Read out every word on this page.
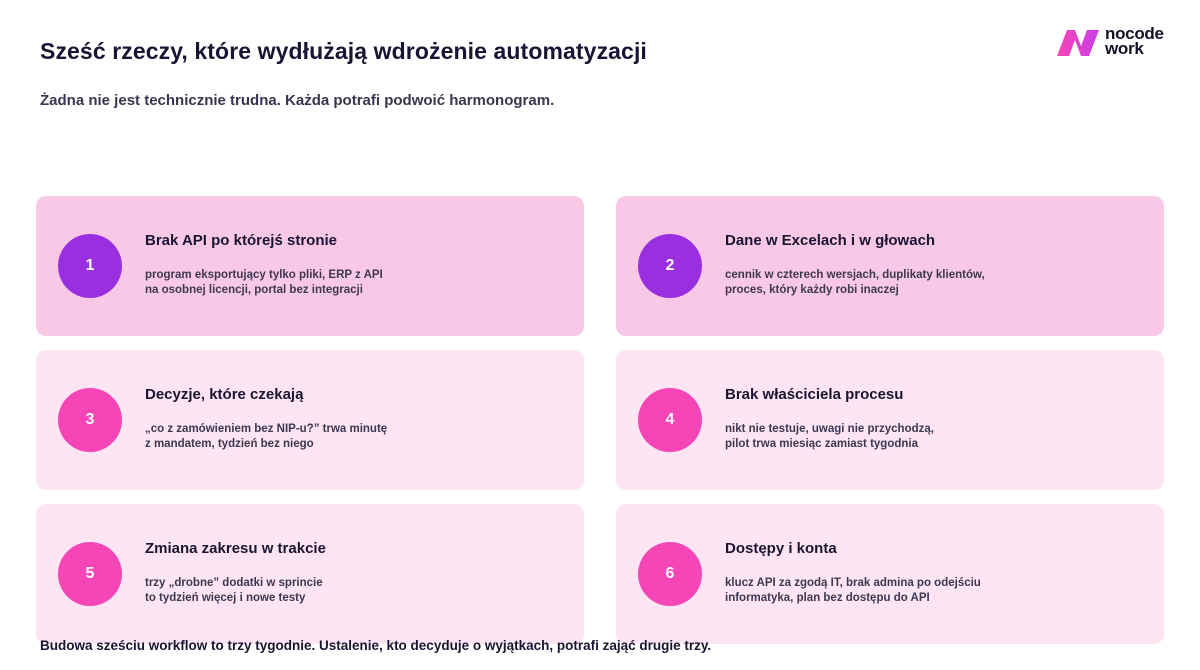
Sześć rzeczy, które wydłużają wdrożenie automatyzacji
Żadna nie jest technicznie trudna. Każda potrafi podwoić harmonogram.
nocode
work
1
Brak API po którejś stronie
program eksportujący tylko pliki, ERP z API
na osobnej licencji, portal bez integracji
2
Dane w Excelach i w głowach
cennik w czterech wersjach, duplikaty klientów,
proces, który każdy robi inaczej
3
Decyzje, które czekają
„co z zamówieniem bez NIP-u?” trwa minutę
z mandatem, tydzień bez niego
4
Brak właściciela procesu
nikt nie testuje, uwagi nie przychodzą,
pilot trwa miesiąc zamiast tygodnia
5
Zmiana zakresu w trakcie
trzy „drobne” dodatki w sprincie
to tydzień więcej i nowe testy
6
Dostępy i konta
klucz API za zgodą IT, brak admina po odejściu
informatyka, plan bez dostępu do API
Budowa sześciu workflow to trzy tygodnie. Ustalenie, kto decyduje o wyjątkach, potrafi zająć drugie trzy.
